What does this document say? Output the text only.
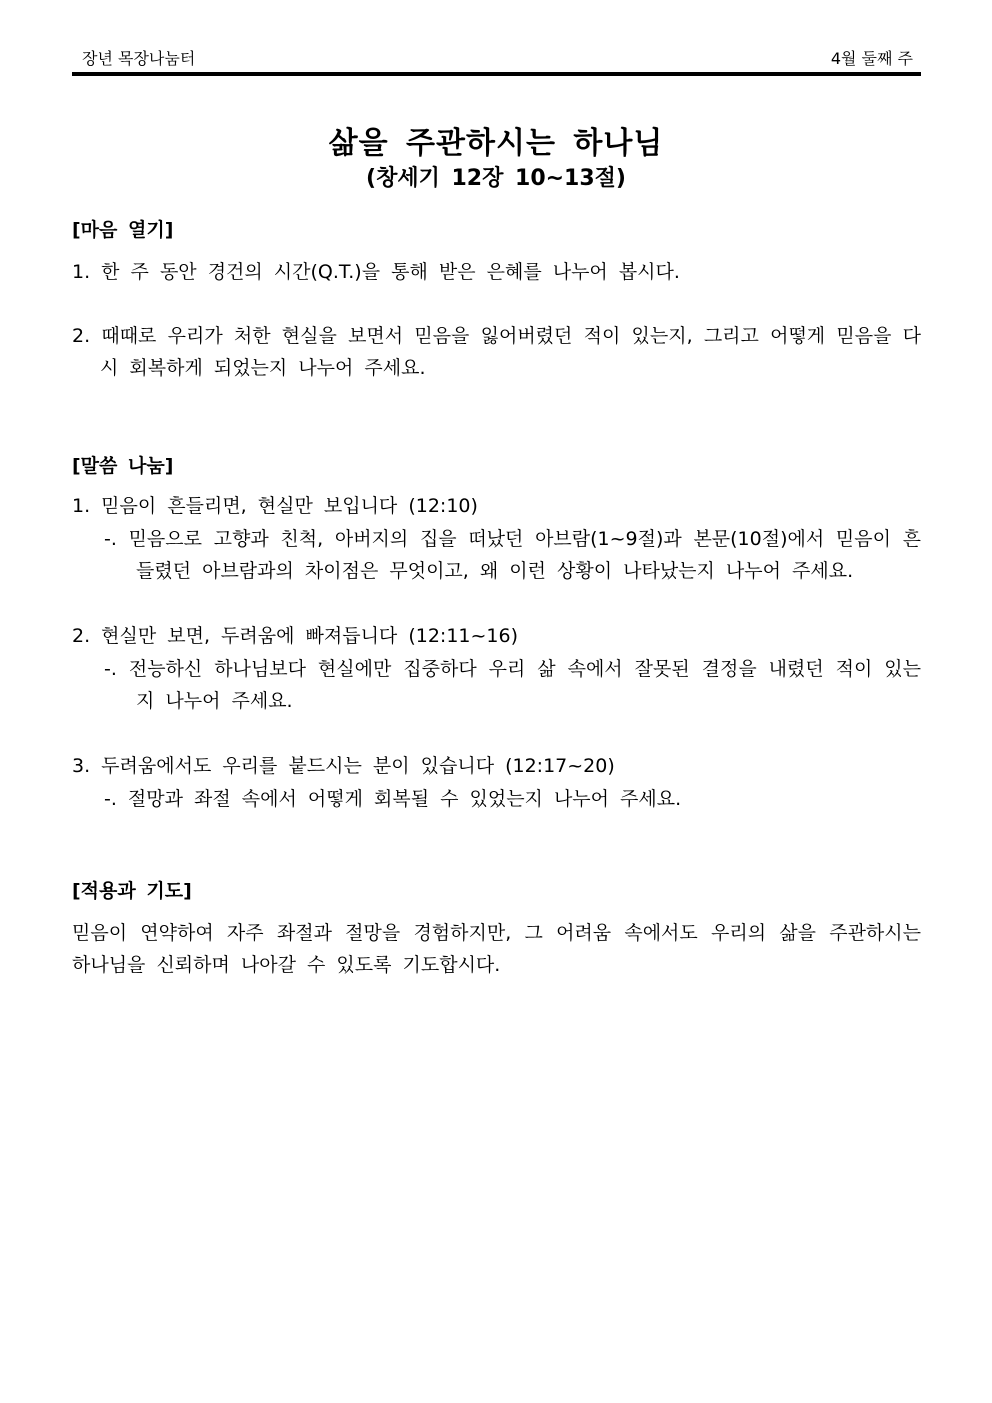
장년 목장나눔터	4월 둘째 주
삶을 주관하시는 하나님
(창세기 12장 10~13절)
[마음 열기]
1. 한 주 동안 경건의 시간(Q.T.)을 통해 받은 은혜를 나누어 봅시다.
2. 때때로 우리가 처한 현실을 보면서 믿음을 잃어버렸던 적이 있는지, 그리고 어떻게 믿음을 다시 회복하게 되었는지 나누어 주세요.
[말씀 나눔]
1. 믿음이 흔들리면, 현실만 보입니다 (12:10)
-. 믿음으로 고향과 친척, 아버지의 집을 떠났던 아브람(1~9절)과 본문(10절)에서 믿음이 흔들렸던 아브람과의 차이점은 무엇이고, 왜 이런 상황이 나타났는지 나누어 주세요.
2. 현실만 보면, 두려움에 빠져듭니다 (12:11~16)
-. 전능하신 하나님보다 현실에만 집중하다 우리 삶 속에서 잘못된 결정을 내렸던 적이 있는지 나누어 주세요.
3. 두려움에서도 우리를 붙드시는 분이 있습니다 (12:17~20)
-. 절망과 좌절 속에서 어떻게 회복될 수 있었는지 나누어 주세요.
[적용과 기도]
믿음이 연약하여 자주 좌절과 절망을 경험하지만, 그 어려움 속에서도 우리의 삶을 주관하시는 하나님을 신뢰하며 나아갈 수 있도록 기도합시다.
